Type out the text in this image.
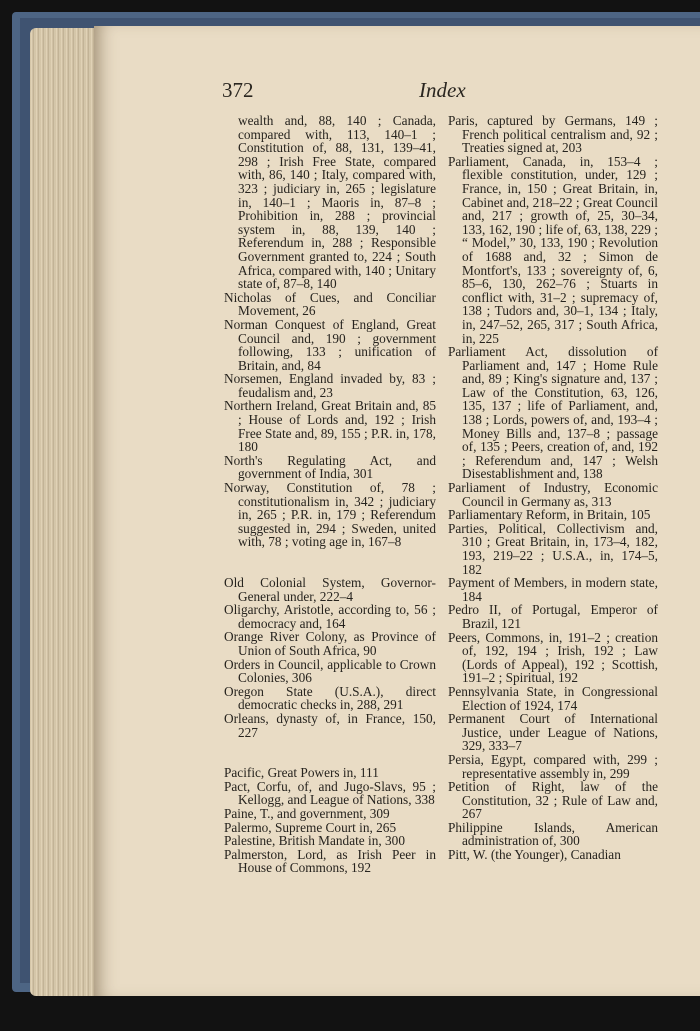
372	Index

wealth and, 88, 140 ; Canada, compared with, 113, 140–1 ; Constitution of, 88, 131, 139–41, 298 ; Irish Free State, compared with, 86, 140 ; Italy, compared with, 323 ; judiciary in, 265 ; legislature in, 140–1 ; Maoris in, 87–8 ; Prohibition in, 288 ; provincial system in, 88, 139, 140 ; Referendum in, 288 ; Responsible Government granted to, 224 ; South Africa, compared with, 140 ; Unitary state of, 87–8, 140

Nicholas of Cues, and Conciliar Movement, 26

Norman Conquest of England, Great Council and, 190 ; government following, 133 ; unification of Britain, and, 84

Norsemen, England invaded by, 83 ; feudalism and, 23

Northern Ireland, Great Britain and, 85 ; House of Lords and, 192 ; Irish Free State and, 89, 155 ; P.R. in, 178, 180

North's Regulating Act, and government of India, 301

Norway, Constitution of, 78 ; constitutionalism in, 342 ; judiciary in, 265 ; P.R. in, 179 ; Referendum suggested in, 294 ; Sweden, united with, 78 ; voting age in, 167–8

Old Colonial System, Governor-General under, 222–4

Oligarchy, Aristotle, according to, 56 ; democracy and, 164

Orange River Colony, as Province of Union of South Africa, 90

Orders in Council, applicable to Crown Colonies, 306

Oregon State (U.S.A.), direct democratic checks in, 288, 291

Orleans, dynasty of, in France, 150, 227

Pacific, Great Powers in, 111

Pact, Corfu, of, and Jugo-Slavs, 95 ; Kellogg, and League of Nations, 338

Paine, T., and government, 309

Palermo, Supreme Court in, 265

Palestine, British Mandate in, 300

Palmerston, Lord, as Irish Peer in House of Commons, 192

Paris, captured by Germans, 149 ; French political centralism and, 92 ; Treaties signed at, 203

Parliament, Canada, in, 153–4 ; flexible constitution, under, 129 ; France, in, 150 ; Great Britain, in, Cabinet and, 218–22 ; Great Council and, 217 ; growth of, 25, 30–34, 133, 162, 190 ; life of, 63, 138, 229 ; “ Model,” 30, 133, 190 ; Revolution of 1688 and, 32 ; Simon de Montfort's, 133 ; sovereignty of, 6, 85–6, 130, 262–76 ; Stuarts in conflict with, 31–2 ; supremacy of, 138 ; Tudors and, 30–1, 134 ; Italy, in, 247–52, 265, 317 ; South Africa, in, 225

Parliament Act, dissolution of Parliament and, 147 ; Home Rule and, 89 ; King's signature and, 137 ; Law of the Constitution, 63, 126, 135, 137 ; life of Parliament, and, 138 ; Lords, powers of, and, 193–4 ; Money Bills and, 137–8 ; passage of, 135 ; Peers, creation of, and, 192 ; Referendum and, 147 ; Welsh Disestablishment and, 138

Parliament of Industry, Economic Council in Germany as, 313

Parliamentary Reform, in Britain, 105

Parties, Political, Collectivism and, 310 ; Great Britain, in, 173–4, 182, 193, 219–22 ; U.S.A., in, 174–5, 182

Payment of Members, in modern state, 184

Pedro II, of Portugal, Emperor of Brazil, 121

Peers, Commons, in, 191–2 ; creation of, 192, 194 ; Irish, 192 ; Law (Lords of Appeal), 192 ; Scottish, 191–2 ; Spiritual, 192

Pennsylvania State, in Congressional Election of 1924, 174

Permanent Court of International Justice, under League of Nations, 329, 333–7

Persia, Egypt, compared with, 299 ; representative assembly in, 299

Petition of Right, law of the Constitution, 32 ; Rule of Law and, 267

Philippine Islands, American administration of, 300

Pitt, W. (the Younger), Canadian
